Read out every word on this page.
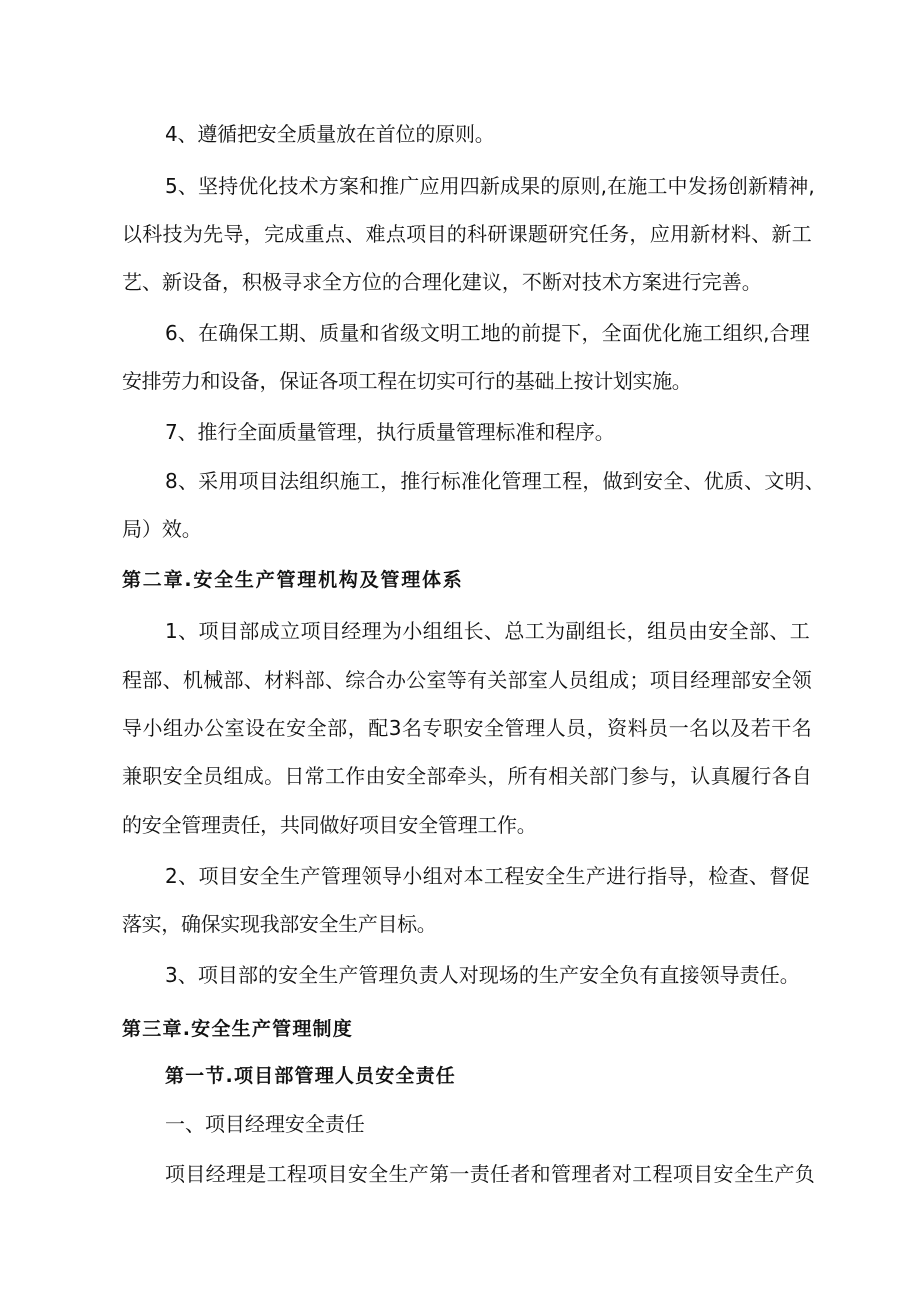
4、遵循把安全质量放在首位的原则。
5、坚持优化技术方案和推广应用四新成果的原则,在施工中发扬创新精神,
以科技为先导，完成重点、难点项目的科研课题研究任务，应用新材料、新工
艺、新设备，积极寻求全方位的合理化建议，不断对技术方案进行完善。
6、在确保工期、质量和省级文明工地的前提下，全面优化施工组织,合理
安排劳力和设备，保证各项工程在切实可行的基础上按计划实施。
7、推行全面质量管理，执行质量管理标准和程序。
8、采用项目法组织施工，推行标准化管理工程，做到安全、优质、文明、
局）效。
第二章.安全生产管理机构及管理体系
1、项目部成立项目经理为小组组长、总工为副组长，组员由安全部、工
程部、机械部、材料部、综合办公室等有关部室人员组成；项目经理部安全领
导小组办公室设在安全部，配3名专职安全管理人员，资料员一名以及若干名
兼职安全员组成。日常工作由安全部牵头，所有相关部门参与，认真履行各自
的安全管理责任，共同做好项目安全管理工作。
2、项目安全生产管理领导小组对本工程安全生产进行指导，检查、督促
落实，确保实现我部安全生产目标。
3、项目部的安全生产管理负责人对现场的生产安全负有直接领导责任。
第三章.安全生产管理制度
第一节.项目部管理人员安全责任
一、项目经理安全责任
项目经理是工程项目安全生产第一责任者和管理者对工程项目安全生产负
